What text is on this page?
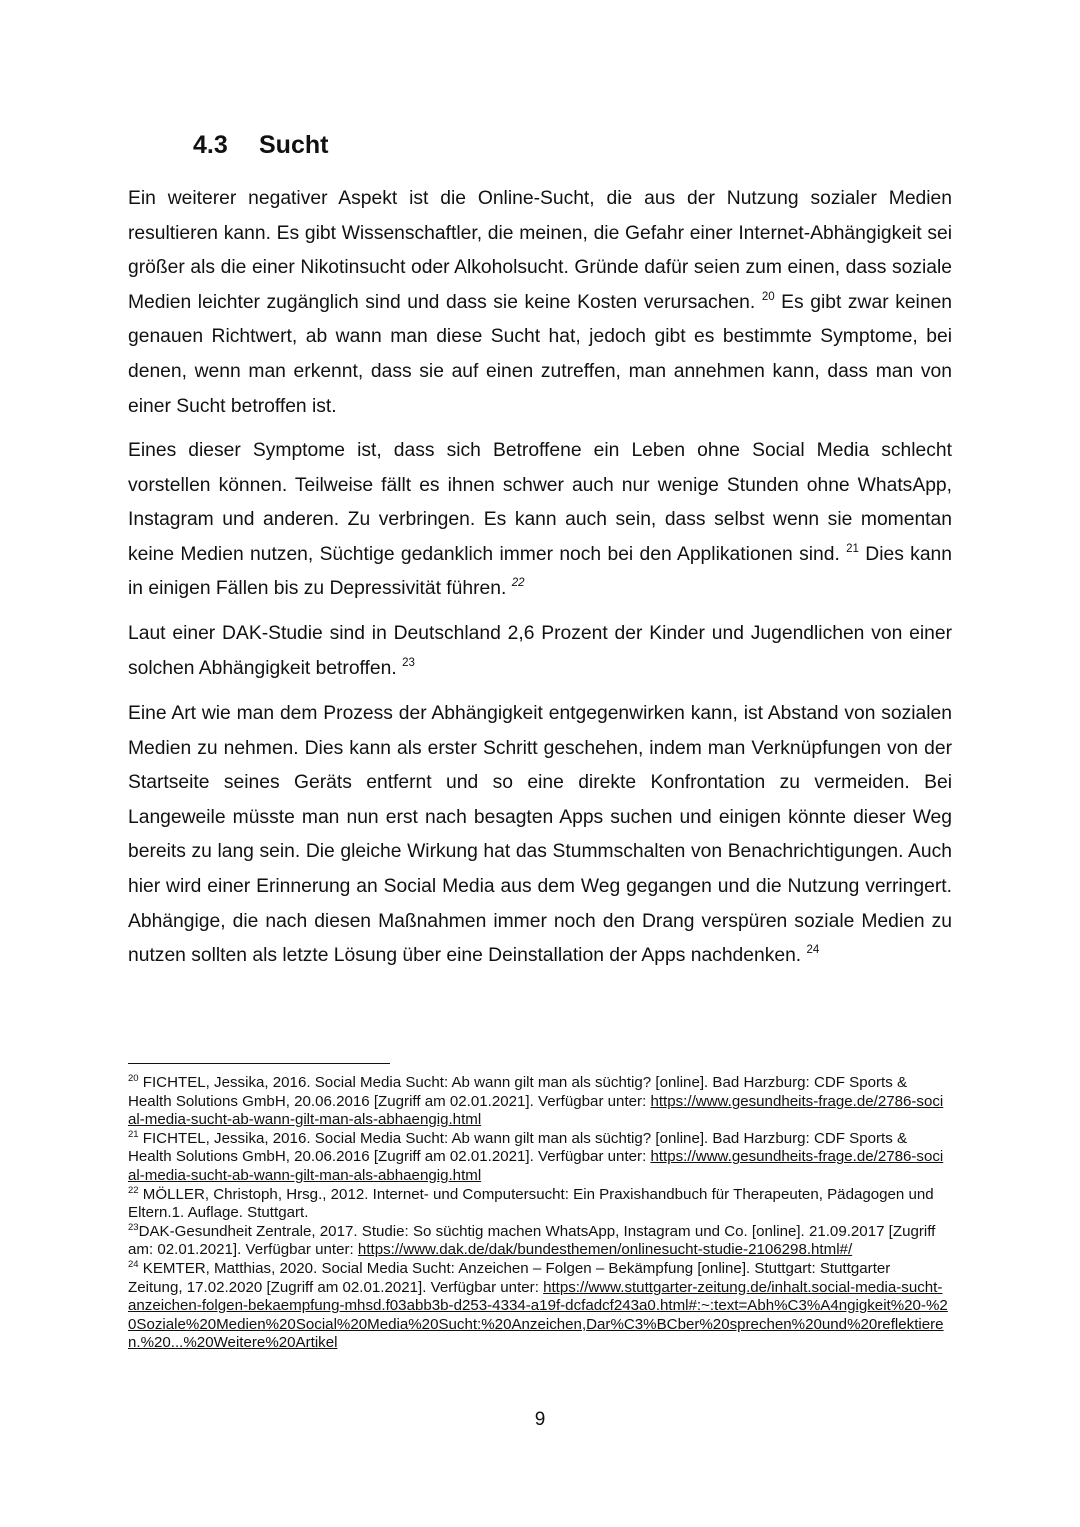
4.3 Sucht

Ein weiterer negativer Aspekt ist die Online-Sucht, die aus der Nutzung sozialer Medien resultieren kann. Es gibt Wissenschaftler, die meinen, die Gefahr einer Internet-Abhängigkeit sei größer als die einer Nikotinsucht oder Alkoholsucht. Gründe dafür seien zum einen, dass soziale Medien leichter zugänglich sind und dass sie keine Kosten verursachen. $^{20}$ Es gibt zwar keinen genauen Richtwert, ab wann man diese Sucht hat, jedoch gibt es bestimmte Symptome, bei denen, wenn man erkennt, dass sie auf einen zutreffen, man annehmen kann, dass man von einer Sucht betroffen ist.

Eines dieser Symptome ist, dass sich Betroffene ein Leben ohne Social Media schlecht vorstellen können. Teilweise fällt es ihnen schwer auch nur wenige Stunden ohne WhatsApp, Instagram und anderen. Zu verbringen. Es kann auch sein, dass selbst wenn sie momentan keine Medien nutzen, Süchtige gedanklich immer noch bei den Applikationen sind. $^{21}$ Dies kann in einigen Fällen bis zu Depressivität führen. $^{22}$

Laut einer DAK-Studie sind in Deutschland 2,6 Prozent der Kinder und Jugendlichen von einer solchen Abhängigkeit betroffen. $^{23}$

Eine Art wie man dem Prozess der Abhängigkeit entgegenwirken kann, ist Abstand von sozialen Medien zu nehmen. Dies kann als erster Schritt geschehen, indem man Verknüpfungen von der Startseite seines Geräts entfernt und so eine direkte Konfrontation zu vermeiden. Bei Langeweile müsste man nun erst nach besagten Apps suchen und einigen könnte dieser Weg bereits zu lang sein. Die gleiche Wirkung hat das Stummschalten von Benachrichtigungen. Auch hier wird einer Erinnerung an Social Media aus dem Weg gegangen und die Nutzung verringert. Abhängige, die nach diesen Maßnahmen immer noch den Drang verspüren soziale Medien zu nutzen sollten als letzte Lösung über eine Deinstallation der Apps nachdenken. $^{24}$

$^{20}$ FICHTEL, Jessika, 2016. Social Media Sucht: Ab wann gilt man als süchtig? [online]. Bad Harzburg: CDF Sports & Health Solutions GmbH, 20.06.2016 [Zugriff am 02.01.2021]. Verfügbar unter: https://www.gesundheits-frage.de/2786-social-media-sucht-ab-wann-gilt-man-als-abhaengig.html

$^{21}$ FICHTEL, Jessika, 2016. Social Media Sucht: Ab wann gilt man als süchtig? [online]. Bad Harzburg: CDF Sports & Health Solutions GmbH, 20.06.2016 [Zugriff am 02.01.2021]. Verfügbar unter: https://www.gesundheits-frage.de/2786-social-media-sucht-ab-wann-gilt-man-als-abhaengig.html

$^{22}$ MÖLLER, Christoph, Hrsg., 2012. Internet- und Computersucht: Ein Praxishandbuch für Therapeuten, Pädagogen und Eltern.1. Auflage. Stuttgart.

$^{23}$DAK-Gesundheit Zentrale, 2017. Studie: So süchtig machen WhatsApp, Instagram und Co. [online]. 21.09.2017 [Zugriff am: 02.01.2021]. Verfügbar unter: https://www.dak.de/dak/bundesthemen/onlinesucht-studie-2106298.html#/

$^{24}$ KEMTER, Matthias, 2020. Social Media Sucht: Anzeichen – Folgen – Bekämpfung [online]. Stuttgart: Stuttgarter Zeitung, 17.02.2020 [Zugriff am 02.01.2021]. Verfügbar unter: https://www.stuttgarter-zeitung.de/inhalt.social-media-sucht-anzeichen-folgen-bekaempfung-mhsd.f03abb3b-d253-4334-a19f-dcfadcf243a0.html#:~:text=Abh%C3%A4ngigkeit%20-%20Soziale%20Medien%20Social%20Media%20Sucht:%20Anzeichen,Dar%C3%BCber%20sprechen%20und%20reflektieren.%20...%20Weitere%20Artikel

9
